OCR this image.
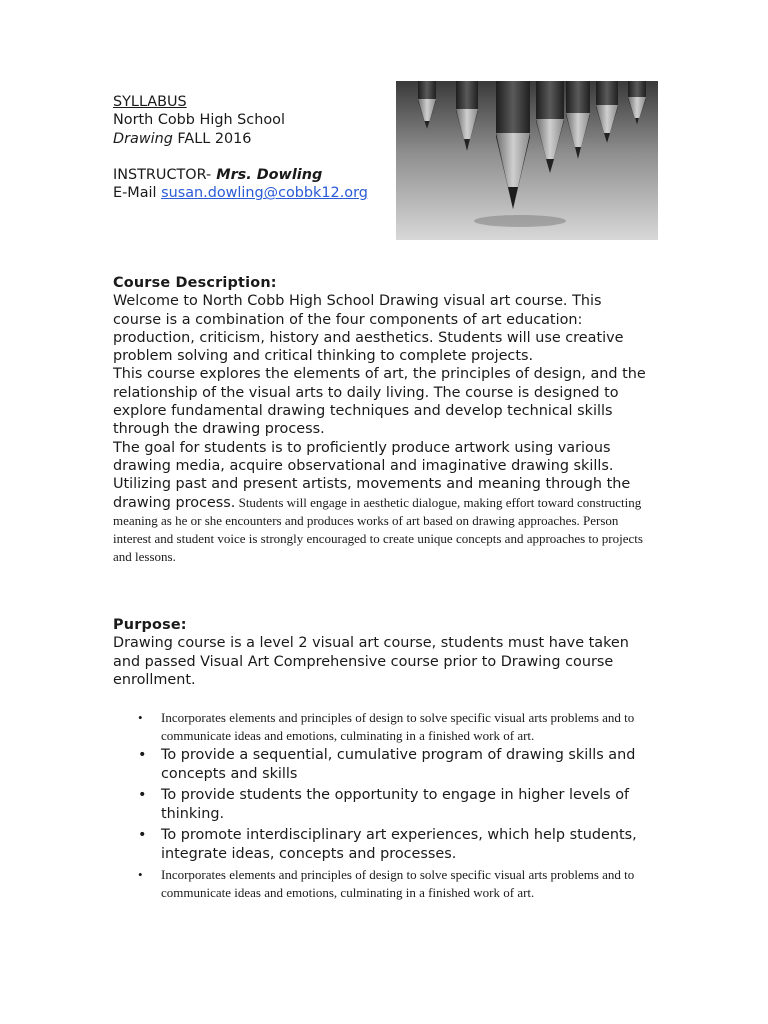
SYLLABUS
North Cobb High School
Drawing FALL 2016
INSTRUCTOR- Mrs. Dowling
E-Mail susan.dowling@cobbk12.org
Course Description:
Welcome to North Cobb High School Drawing visual art course. This course is a combination of the four components of art education: production, criticism, history and aesthetics. Students will use creative problem solving and critical thinking to complete projects.
This course explores the elements of art, the principles of design, and the relationship of the visual arts to daily living. The course is designed to explore fundamental drawing techniques and develop technical skills through the drawing process.
The goal for students is to proficiently produce artwork using various drawing media, acquire observational and imaginative drawing skills. Utilizing past and present artists, movements and meaning through the drawing process. Students will engage in aesthetic dialogue, making effort toward constructing meaning as he or she encounters and produces works of art based on drawing approaches. Person interest and student voice is strongly encouraged to create unique concepts and approaches to projects and lessons.
Purpose:
Drawing course is a level 2 visual art course, students must have taken and passed Visual Art Comprehensive course prior to Drawing course enrollment.
• Incorporates elements and principles of design to solve specific visual arts problems and to communicate ideas and emotions, culminating in a finished work of art.
• To provide a sequential, cumulative program of drawing skills and concepts and skills
• To provide students the opportunity to engage in higher levels of thinking.
• To promote interdisciplinary art experiences, which help students, integrate ideas, concepts and processes.
• Incorporates elements and principles of design to solve specific visual arts problems and to communicate ideas and emotions, culminating in a finished work of art.
